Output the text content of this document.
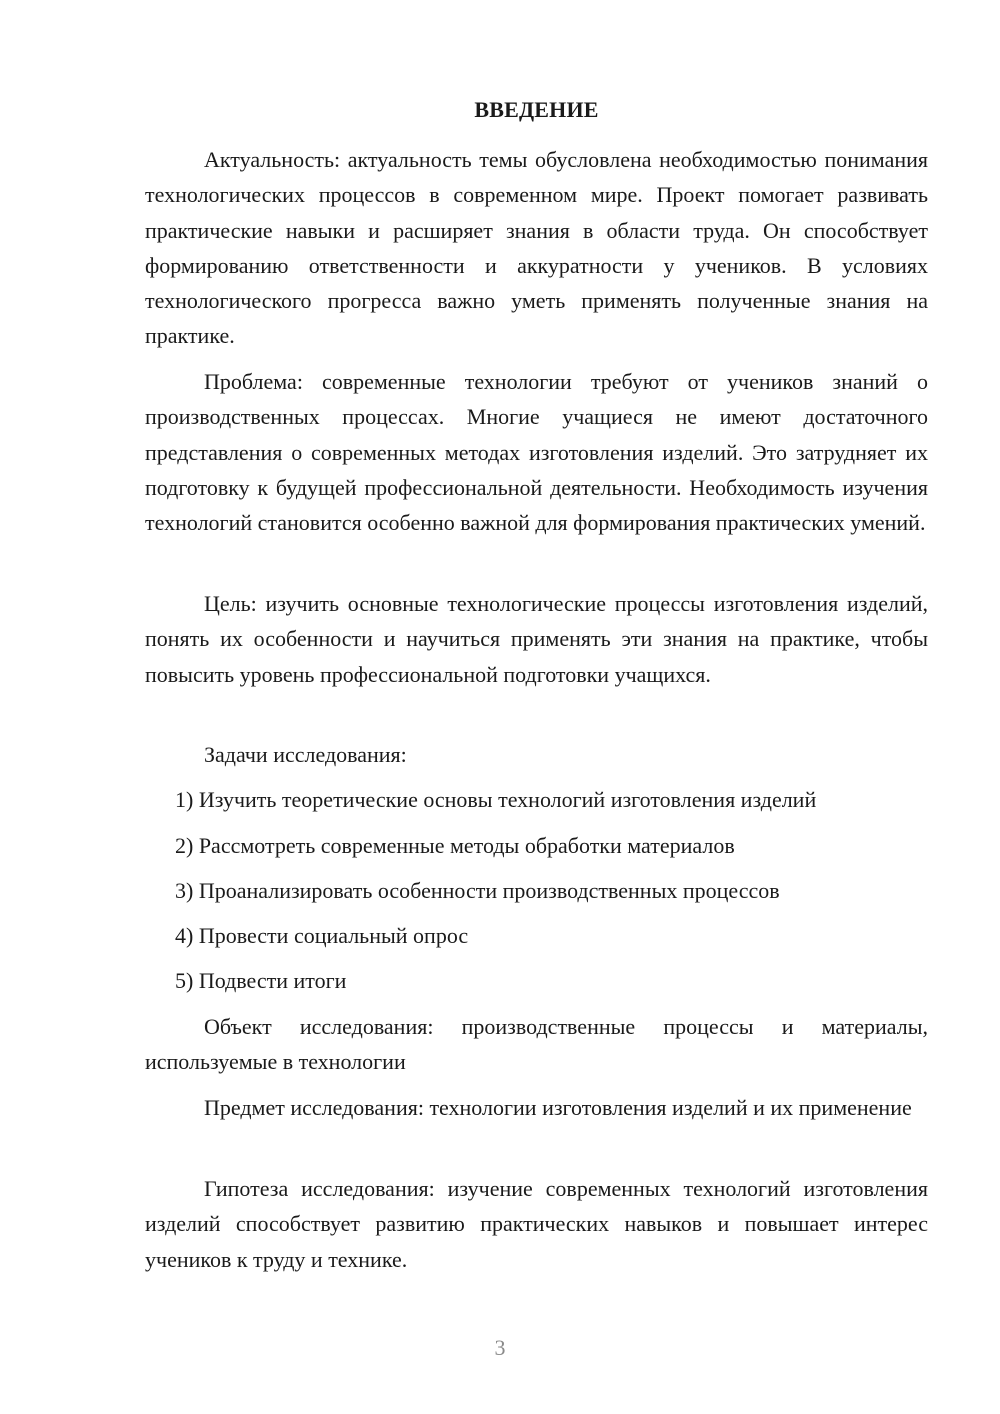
ВВЕДЕНИЕ

Актуальность: актуальность темы обусловлена необходимостью понимания технологических процессов в современном мире. Проект помогает развивать практические навыки и расширяет знания в области труда. Он способствует формированию ответственности и аккуратности у учеников. В условиях технологического прогресса важно уметь применять полученные знания на практике.

Проблема: современные технологии требуют от учеников знаний о производственных процессах. Многие учащиеся не имеют достаточного представления о современных методах изготовления изделий. Это затрудняет их подготовку к будущей профессиональной деятельности. Необходимость изучения технологий становится особенно важной для формирования практических умений.

Цель: изучить основные технологические процессы изготовления изделий, понять их особенности и научиться применять эти знания на практике, чтобы повысить уровень профессиональной подготовки учащихся.

Задачи исследования:

1) Изучить теоретические основы технологий изготовления изделий

2) Рассмотреть современные методы обработки материалов

3) Проанализировать особенности производственных процессов

4) Провести социальный опрос

5) Подвести итоги

Объект исследования: производственные процессы и материалы, используемые в технологии

Предмет исследования: технологии изготовления изделий и их применение

Гипотеза исследования: изучение современных технологий изготовления изделий способствует развитию практических навыков и повышает интерес учеников к труду и технике.

3
